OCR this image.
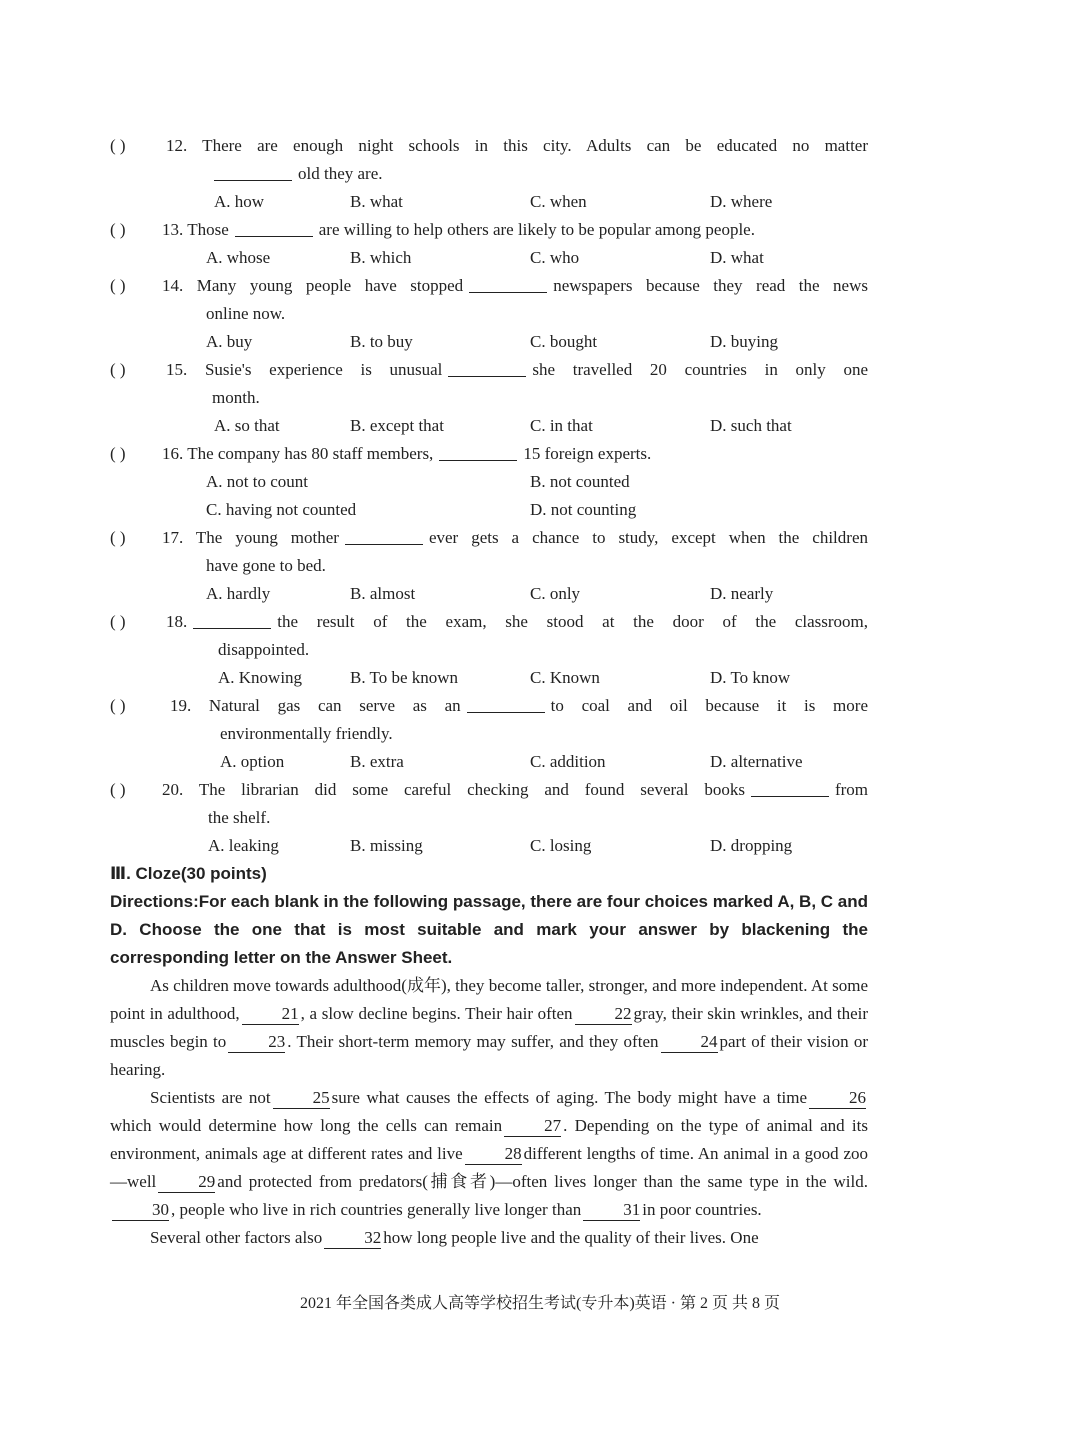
( ) 12. There are enough night schools in this city. Adults can be educated no matter
old they are.
A. how	B. what	C. when	D. where
( ) 13. Those	are willing to help others are likely to be popular among people.
A. whose	B. which	C. who	D. what
( ) 14. Many young people have stopped	newspapers because they read the news
online now.
A. buy	B. to buy	C. bought	D. buying
( ) 15. Susie's experience is unusual	she travelled 20 countries in only one
month.
A. so that	B. except that	C. in that	D. such that
( ) 16. The company has 80 staff members,	15 foreign experts.
A. not to count	B. not counted
C. having not counted	D. not counting
( ) 17. The young mother	ever gets a chance to study, except when the children
have gone to bed.
A. hardly	B. almost	C. only	D. nearly
( ) 18.	the result of the exam, she stood at the door of the classroom,
disappointed.
A. Knowing	B. To be known	C. Known	D. To know
( )	19. Natural gas can serve as an	to coal and oil because it is more
environmentally friendly.
A. option	B. extra	C. addition	D. alternative
( ) 20. The librarian did some careful checking and found several books	from
the shelf.
A. leaking	B. missing	C. losing	D. dropping
Ⅲ. Cloze(30 points)
Directions:For each blank in the following passage, there are four choices marked A, B, C and D. Choose the one that is most suitable and mark your answer by blackening the corresponding letter on the Answer Sheet.

As children move towards adulthood(成年), they become taller, stronger, and more independent. At some point in adulthood, 21 , a slow decline begins. Their hair often 22 gray, their skin wrinkles, and their muscles begin to 23 . Their short-term memory may suffer, and they often 24 part of their vision or hearing.

Scientists are not 25 sure what causes the effects of aging. The body might have a time 26which would determine how long the cells can remain 27 . Depending on the type of animal and its environment, animals age at different rates and live 28 different lengths of time. An animal in a good zoo—well 29 and protected from predators(捕食者)—often lives longer than the same type in the wild.30 , people who live in rich countries generally live longer than 31 in poor countries.

Several other factors also 32 how long people live and the quality of their lives. One

2021 年全国各类成人高等学校招生考试(专升本)英语 · 第 2 页 共 8 页
